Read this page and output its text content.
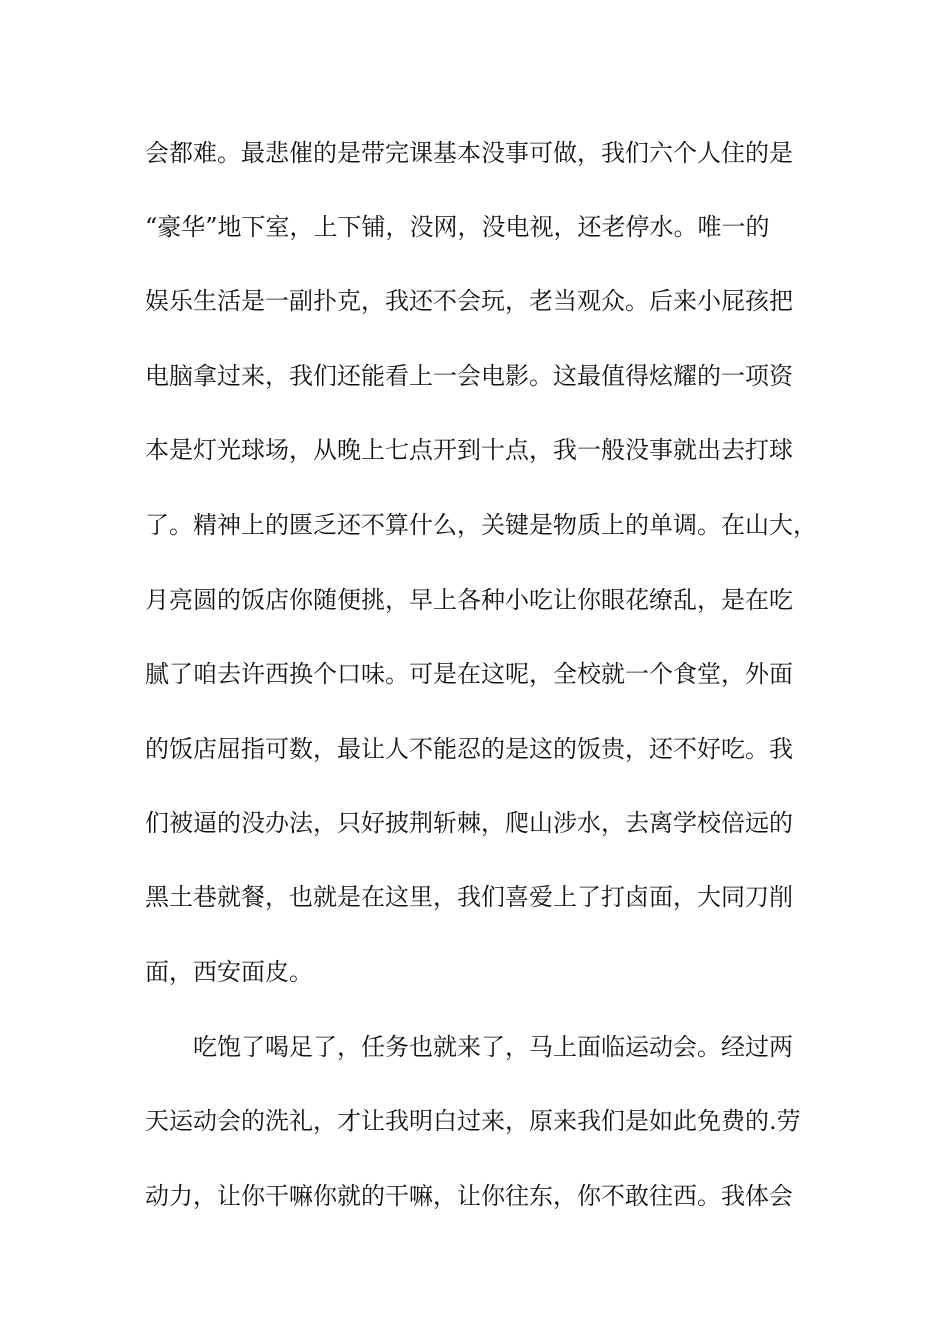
会都难。最悲催的是带完课基本没事可做，我们六个人住的是

“豪华”地下室，上下铺，没网，没电视，还老停水。唯一的

娱乐生活是一副扑克，我还不会玩，老当观众。后来小屁孩把

电脑拿过来，我们还能看上一会电影。这最值得炫耀的一项资

本是灯光球场，从晚上七点开到十点，我一般没事就出去打球

了。精神上的匮乏还不算什么，关键是物质上的单调。在山大，

月亮圆的饭店你随便挑，早上各种小吃让你眼花缭乱，是在吃

腻了咱去许西换个口味。可是在这呢，全校就一个食堂，外面

的饭店屈指可数，最让人不能忍的是这的饭贵，还不好吃。我

们被逼的没办法，只好披荆斩棘，爬山涉水，去离学校倍远的

黑土巷就餐，也就是在这里，我们喜爱上了打卤面，大同刀削

面，西安面皮。

吃饱了喝足了，任务也就来了，马上面临运动会。经过两

天运动会的洗礼，才让我明白过来，原来我们是如此免费的.劳

动力，让你干嘛你就的干嘛，让你往东，你不敢往西。我体会
